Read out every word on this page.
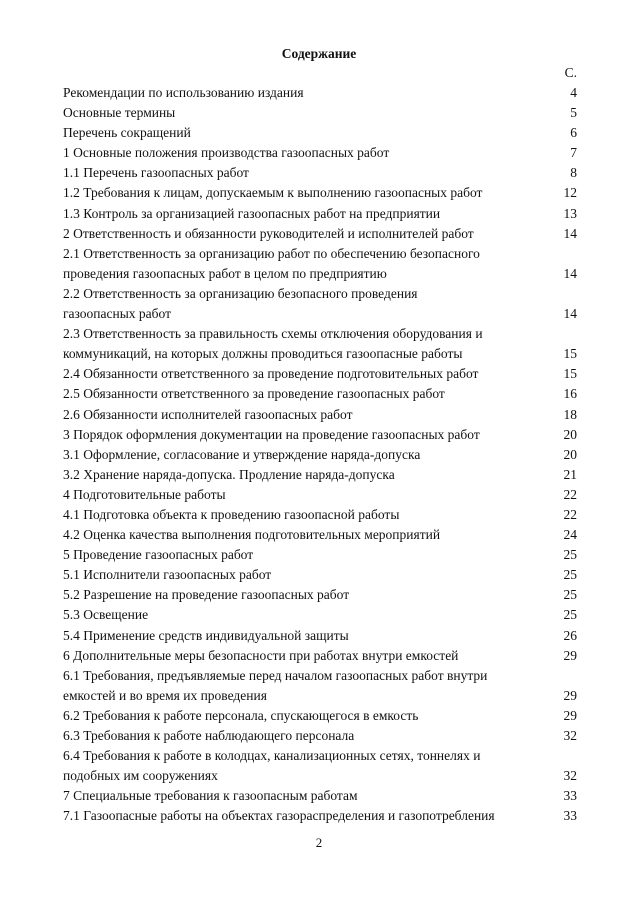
Содержание
С.
Рекомендации по использованию издания	4
Основные термины	5
Перечень сокращений	6
1 Основные положения производства газоопасных работ	7
1.1 Перечень газоопасных работ	8
1.2 Требования к лицам, допускаемым к выполнению газоопасных работ	12
1.3 Контроль за организацией газоопасных работ на предприятии	13
2 Ответственность и обязанности руководителей и исполнителей работ	14
2.1 Ответственность за организацию работ по обеспечению безопасного
проведения газоопасных работ в целом по предприятию	14
2.2 Ответственность за организацию безопасного проведения
газоопасных работ	14
2.3 Ответственность за правильность схемы отключения оборудования и
коммуникаций, на которых должны проводиться газоопасные работы	15
2.4 Обязанности ответственного за проведение подготовительных работ	15
2.5 Обязанности ответственного за проведение газоопасных работ	16
2.6 Обязанности исполнителей газоопасных работ	18
3 Порядок оформления документации на проведение газоопасных работ	20
3.1 Оформление, согласование и утверждение наряда-допуска	20
3.2 Хранение наряда-допуска. Продление наряда-допуска	21
4 Подготовительные работы	22
4.1 Подготовка объекта к проведению газоопасной работы	22
4.2 Оценка качества выполнения подготовительных мероприятий	24
5 Проведение газоопасных работ	25
5.1 Исполнители газоопасных работ	25
5.2 Разрешение на проведение газоопасных работ	25
5.3 Освещение	25
5.4 Применение средств индивидуальной защиты	26
6 Дополнительные меры безопасности при работах внутри емкостей	29
6.1 Требования, предъявляемые перед началом газоопасных работ внутри
емкостей и во время их проведения	29
6.2 Требования к работе персонала, спускающегося в емкость	29
6.3 Требования к работе наблюдающего персонала	32
6.4 Требования к работе в колодцах, канализационных сетях, тоннелях и
подобных им сооружениях	32
7 Специальные требования к газоопасным работам	33
7.1 Газоопасные работы на объектах газораспределения и газопотребления	33
2
